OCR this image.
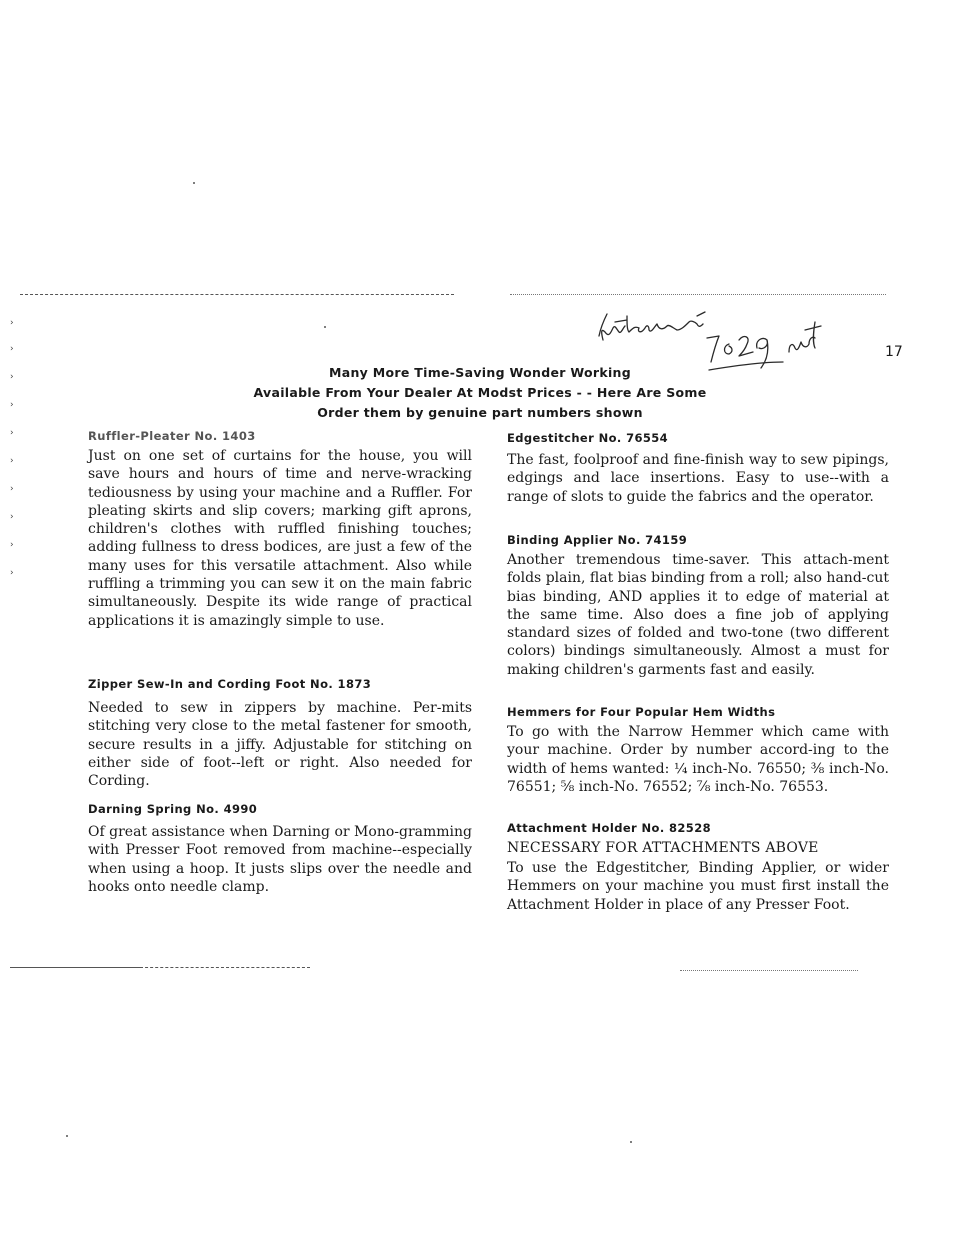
›
›
›
›
›
›
›
›
›
›
17
Many More Time-Saving Wonder Working
Available From Your Dealer At Modst Prices - - Here Are Some
Order them by genuine part numbers shown

Ruffler-Pleater No. 1403

Just on one set of curtains for the house, you will save hours and hours of time and nerve-wracking tediousness by using your machine and a Ruffler. For pleating skirts and slip covers; marking gift aprons, children's clothes with ruffled finishing touches; adding fullness to dress bodices, are just a few of the many uses for this versatile attachment. Also while ruffling a trimming you can sew it on the main fabric simultaneously. Despite its wide range of practical applications it is amazingly simple to use.

Zipper Sew-In and Cording Foot No. 1873

Needed to sew in zippers by machine. Per-mits stitching very close to the metal fastener for smooth, secure results in a jiffy. Adjustable for stitching on either side of foot--left or right. Also needed for Cording.

Darning Spring No. 4990

Of great assistance when Darning or Mono-gramming with Presser Foot removed from machine--especially when using a hoop. It justs slips over the needle and hooks onto needle clamp.

Edgestitcher No. 76554

The fast, foolproof and fine-finish way to sew pipings, edgings and lace insertions. Easy to use--with a range of slots to guide the fabrics and the operator.

Binding Applier No. 74159

Another tremendous time-saver. This attach-ment folds plain, flat bias binding from a roll; also hand-cut bias binding, AND applies it to edge of material at the same time. Also does a fine job of applying standard sizes of folded and two-tone (two different colors) bindings simultaneously. Almost a must for making children's garments fast and easily.

Hemmers for Four Popular Hem Widths

To go with the Narrow Hemmer which came with your machine. Order by number accord-ing to the width of hems wanted: ¼ inch-No. 76550; ⅜ inch-No. 76551; ⅝ inch-No. 76552; ⅞ inch-No. 76553.

Attachment Holder No. 82528

NECESSARY FOR ATTACHMENTS ABOVE

To use the Edgestitcher, Binding Applier, or wider Hemmers on your machine you must first install the Attachment Holder in place of any Presser Foot.
